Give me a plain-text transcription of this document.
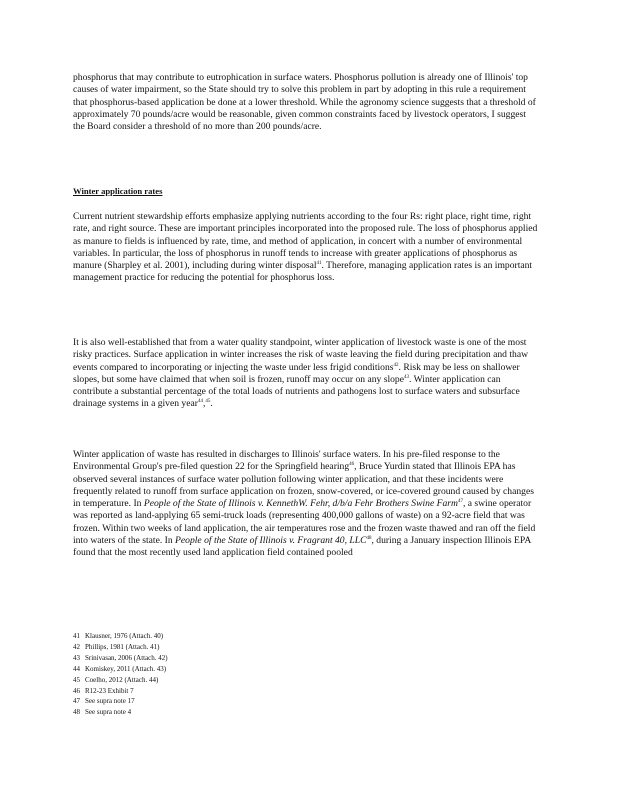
phosphorus that may contribute to eutrophication in surface waters. Phosphorus pollution is already one of Illinois' top causes of water impairment, so the State should try to solve this problem in part by adopting in this rule a requirement that phosphorus-based application be done at a lower threshold. While the agronomy science suggests that a threshold of approximately 70 pounds/acre would be reasonable, given common constraints faced by livestock operators, I suggest the Board consider a threshold of no more than 200 pounds/acre.

Winter application rates

Current nutrient stewardship efforts emphasize applying nutrients according to the four Rs: right place, right time, right rate, and right source. These are important principles incorporated into the proposed rule. The loss of phosphorus applied as manure to fields is influenced by rate, time, and method of application, in concert with a number of environmental variables. In particular, the loss of phosphorus in runoff tends to increase with greater applications of phosphorus as manure (Sharpley et al. 2001), including during winter disposal$^{41}$. Therefore, managing application rates is an important management practice for reducing the potential for phosphorus loss.

It is also well-established that from a water quality standpoint, winter application of livestock waste is one of the most risky practices. Surface application in winter increases the risk of waste leaving the field during precipitation and thaw events compared to incorporating or injecting the waste under less frigid conditions$^{42}$. Risk may be less on shallower slopes, but some have claimed that when soil is frozen, runoff may occur on any slope$^{43}$. Winter application can contribute a substantial percentage of the total loads of nutrients and pathogens lost to surface waters and subsurface drainage systems in a given year$^{44}$,$^{45}$.

Winter application of waste has resulted in discharges to Illinois' surface waters. In his pre-filed response to the Environmental Group's pre-filed question 22 for the Springfield hearing$^{46}$, Bruce Yurdin stated that Illinois EPA has observed several instances of surface water pollution following winter application, and that these incidents were frequently related to runoff from surface application on frozen, snow-covered, or ice-covered ground caused by changes in temperature. In People of the State of Illinois v. KennethW. Fehr, d/b/a Fehr Brothers Swine Farm$^{47}$, a swine operator was reported as land-applying 65 semi-truck loads (representing 400,000 gallons of waste) on a 92-acre field that was frozen. Within two weeks of land application, the air temperatures rose and the frozen waste thawed and ran off the field into waters of the state. In People of the State of Illinois v. Fragrant 40, LLC$^{48}$, during a January inspection Illinois EPA found that the most recently used land application field contained pooled

41 Klausner, 1976 (Attach. 40)
42 Phillips, 1981 (Attach. 41)
43 Srinivasan, 2006 (Attach. 42)
44 Komiskey, 2011 (Attach. 43)
45 Coelho, 2012 (Attach. 44)
46 R12-23 Exhibit 7
47 See supra note 17
48 See supra note 4
